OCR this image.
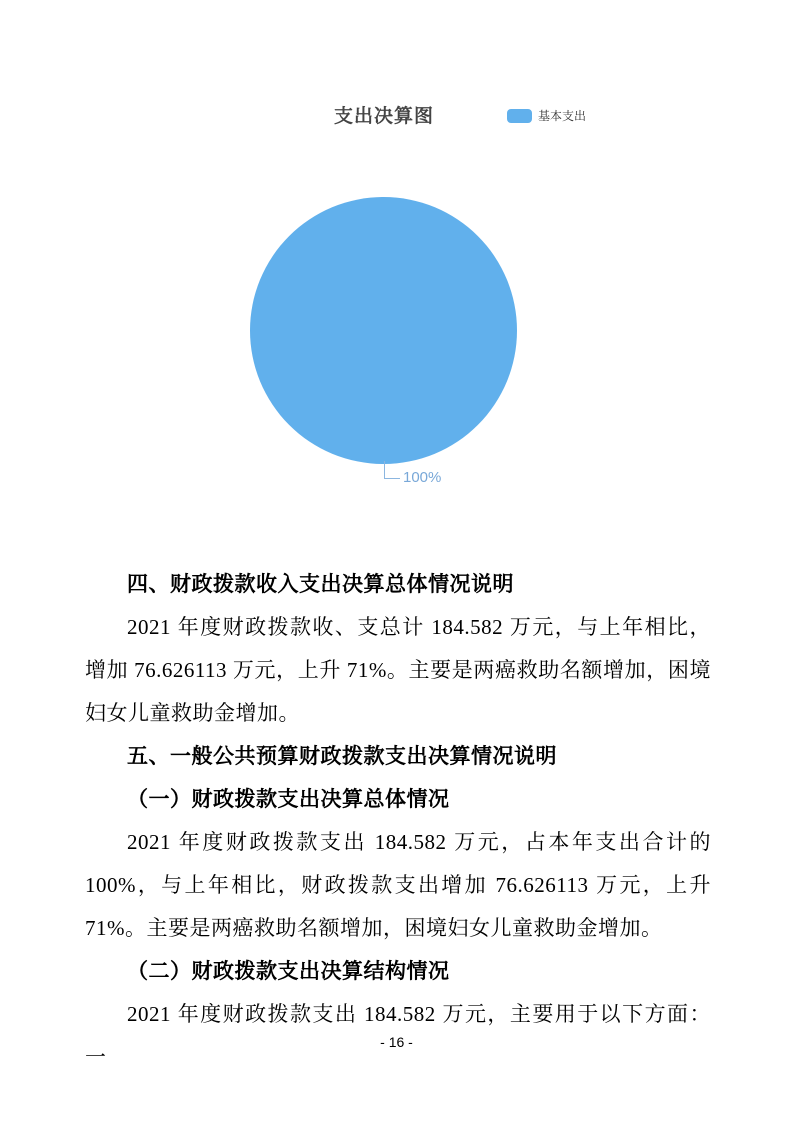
支出决算图	基本支出
100%
四、财政拨款收入支出决算总体情况说明

2021 年度财政拨款收、支总计 184.582 万元，与上年相比，增加 76.626113 万元，上升 71%。主要是两癌救助名额增加，困境妇女儿童救助金增加。

五、一般公共预算财政拨款支出决算情况说明
（一）财政拨款支出决算总体情况

2021 年度财政拨款支出 184.582 万元，占本年支出合计的 100%，与上年相比，财政拨款支出增加 76.626113 万元，上升 71%。主要是两癌救助名额增加，困境妇女儿童救助金增加。

（二）财政拨款支出决算结构情况

2021 年度财政拨款支出 184.582 万元，主要用于以下方面：一

- 16 -
